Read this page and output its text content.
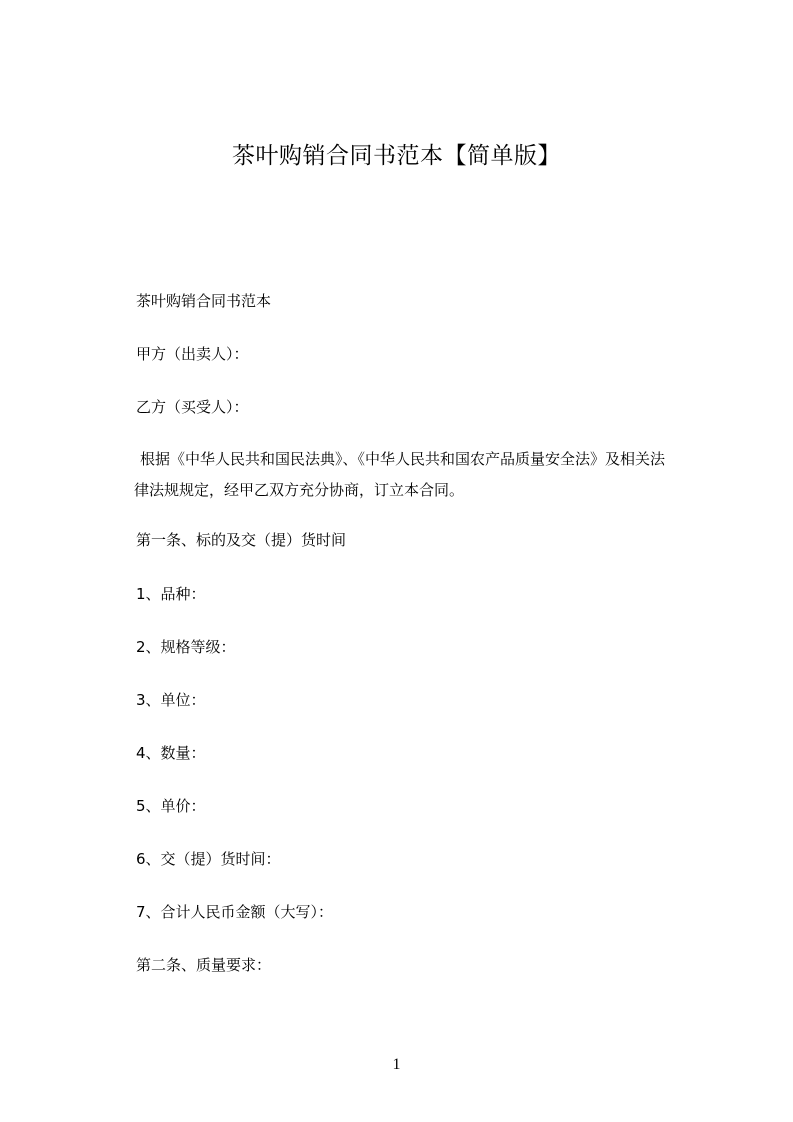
茶叶购销合同书范本【简单版】
茶叶购销合同书范本
甲方（出卖人）：
乙方（买受人）：
根据《中华人民共和国民法典》、《中华人民共和国农产品质量安全法》及相关法
律法规规定，经甲乙双方充分协商，订立本合同。
第一条、标的及交（提）货时间
1、品种：
2、规格等级：
3、单位：
4、数量：
5、单价：
6、交（提）货时间：
7、合计人民币金额（大写）：
第二条、质量要求：
1
